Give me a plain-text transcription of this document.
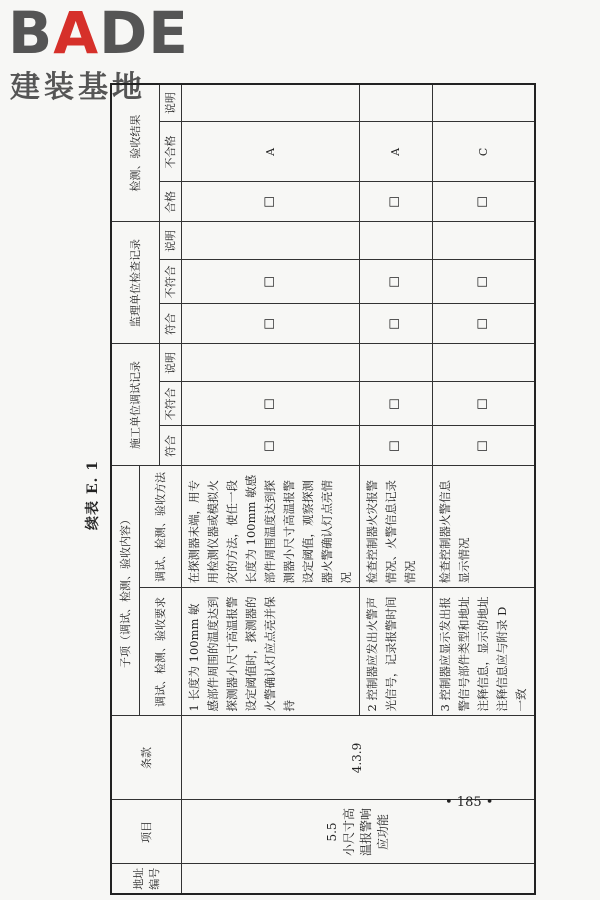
BADE
建装基地
续表 E. 1
地址编号	项目	条款	子项（调试、检测、验收内容）		施工单位调试记录			监理单位检查记录			检测、验收结果		
			调试、检测、验收要求	调试、检测、验收方法									
					符合	不符合	说明	符合	不符合	说明	合格	不合格	说明

	5.5 小尺寸高温报警响应功能	4.3.9	1 长度为 100mm 敏感部件周围的温度达到探测器小尺寸高温报警设定阈值时，探测器的火警确认灯应点亮并保持	在探测器末端，用专用检测仪器或模拟火灾的方法，使任一段长度为 100mm 敏感部件周围温度达到探测器小尺寸高温报警设定阈值，观察探测器火警确认灯点亮情况	☐	☐		☐	☐		☐	A	
			2 控制器应发出火警声光信号，记录报警时间	检查控制器火灾报警情况、火警信息记录情况	☐	☐		☐	☐		☐	A	
			3 控制器应显示发出报警信号部件类型和地址注释信息，显示的地址注释信息应与附录 D 一致	检查控制器火警信息显示情况	☐	☐		☐	☐		☐	C	
• 185 •
